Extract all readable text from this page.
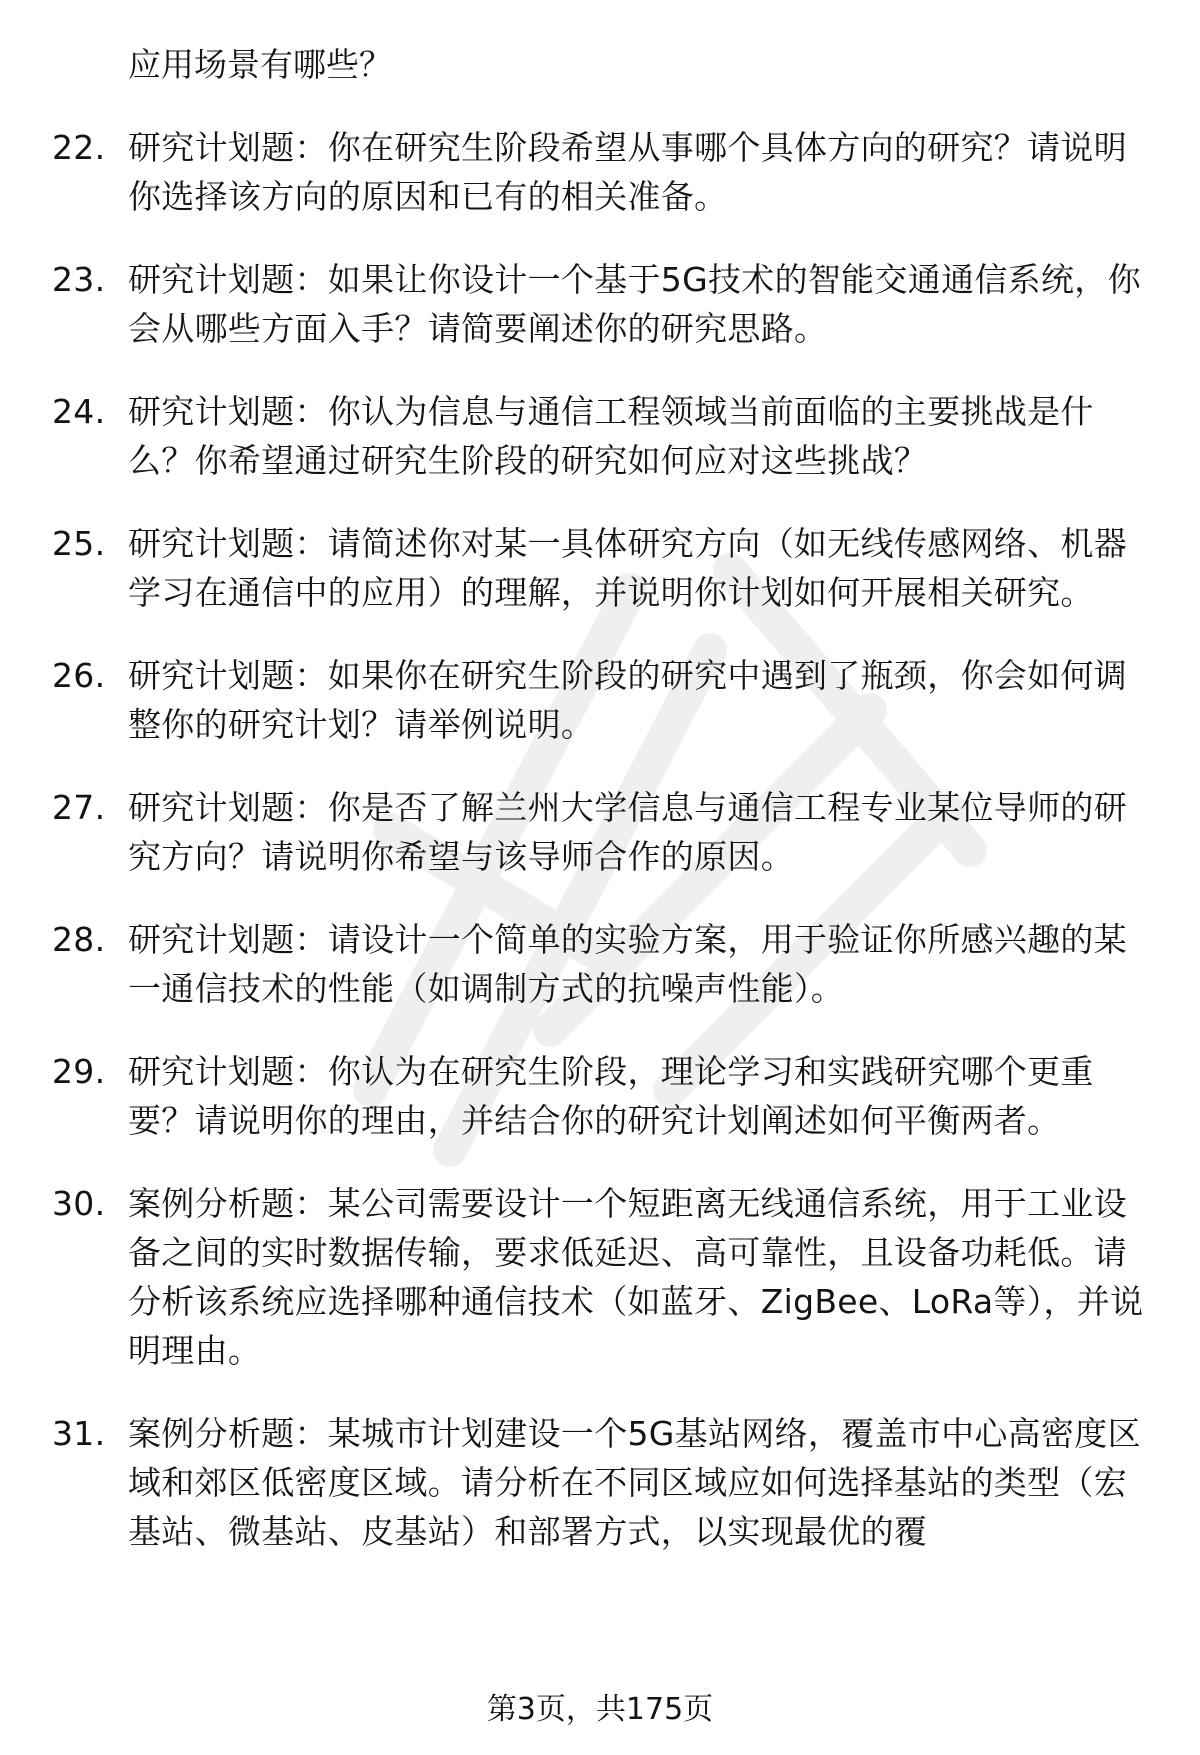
应用场景有哪些？
22. 研究计划题：你在研究生阶段希望从事哪个具体方向的研究？请说明你选择该方向的原因和已有的相关准备。
23. 研究计划题：如果让你设计一个基于5G技术的智能交通通信系统，你会从哪些方面入手？请简要阐述你的研究思路。
24. 研究计划题：你认为信息与通信工程领域当前面临的主要挑战是什么？你希望通过研究生阶段的研究如何应对这些挑战？
25. 研究计划题：请简述你对某一具体研究方向（如无线传感网络、机器学习在通信中的应用）的理解，并说明你计划如何开展相关研究。
26. 研究计划题：如果你在研究生阶段的研究中遇到了瓶颈，你会如何调整你的研究计划？请举例说明。
27. 研究计划题：你是否了解兰州大学信息与通信工程专业某位导师的研究方向？请说明你希望与该导师合作的原因。
28. 研究计划题：请设计一个简单的实验方案，用于验证你所感兴趣的某一通信技术的性能（如调制方式的抗噪声性能）。
29. 研究计划题：你认为在研究生阶段，理论学习和实践研究哪个更重要？请说明你的理由，并结合你的研究计划阐述如何平衡两者。
30. 案例分析题：某公司需要设计一个短距离无线通信系统，用于工业设备之间的实时数据传输，要求低延迟、高可靠性，且设备功耗低。请分析该系统应选择哪种通信技术（如蓝牙、ZigBee、LoRa等），并说明理由。
31. 案例分析题：某城市计划建设一个5G基站网络，覆盖市中心高密度区域和郊区低密度区域。请分析在不同区域应如何选择基站的类型（宏基站、微基站、皮基站）和部署方式，以实现最优的覆
第3页，共175页
